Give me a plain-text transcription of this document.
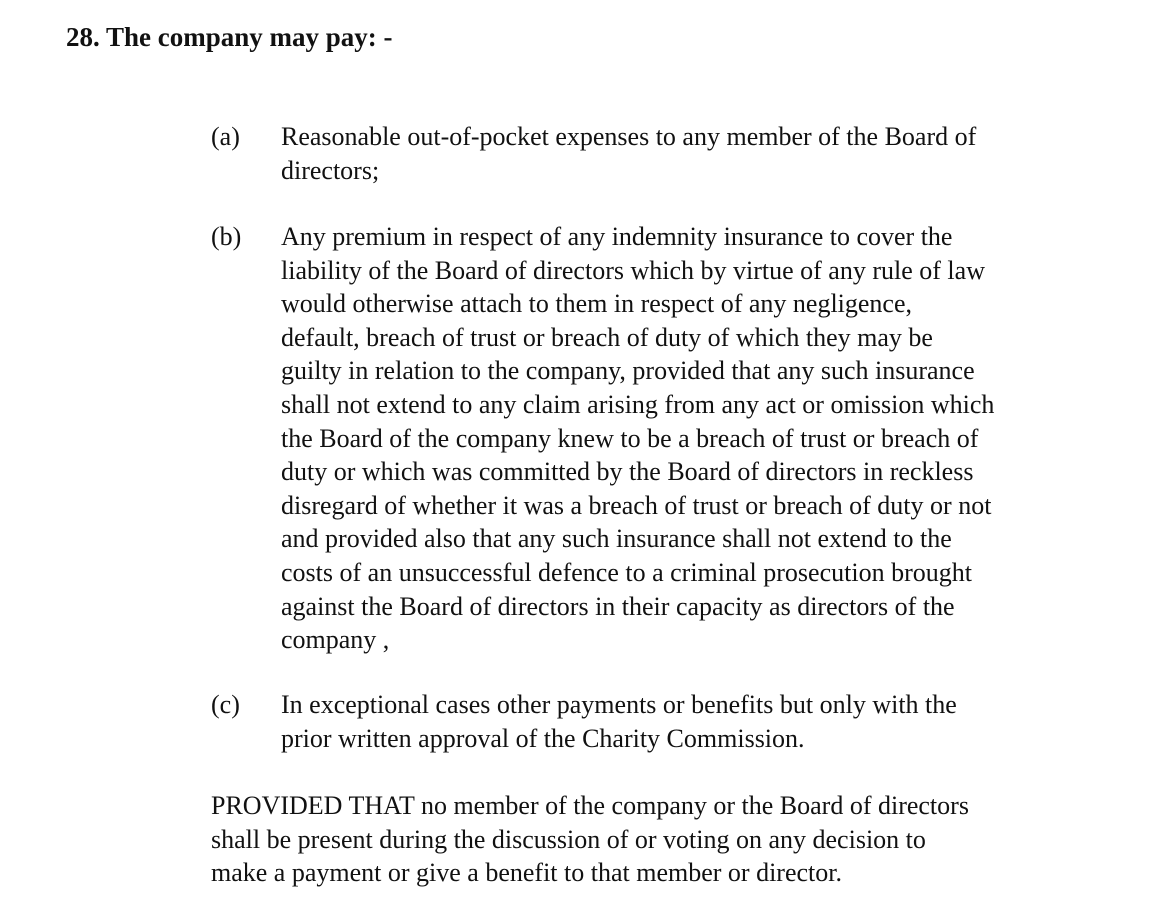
28. The company may pay: -
(a) Reasonable out-of-pocket expenses to any member of the Board of
directors;
(b) Any premium in respect of any indemnity insurance to cover the
liability of the Board of directors which by virtue of any rule of law
would otherwise attach to them in respect of any negligence,
default, breach of trust or breach of duty of which they may be
guilty in relation to the company, provided that any such insurance
shall not extend to any claim arising from any act or omission which
the Board of the company knew to be a breach of trust or breach of
duty or which was committed by the Board of directors in reckless
disregard of whether it was a breach of trust or breach of duty or not
and provided also that any such insurance shall not extend to the
costs of an unsuccessful defence to a criminal prosecution brought
against the Board of directors in their capacity as directors of the
company ,
(c) In exceptional cases other payments or benefits but only with the
prior written approval of the Charity Commission.
PROVIDED THAT no member of the company or the Board of directors
shall be present during the discussion of or voting on any decision to
make a payment or give a benefit to that member or director.
